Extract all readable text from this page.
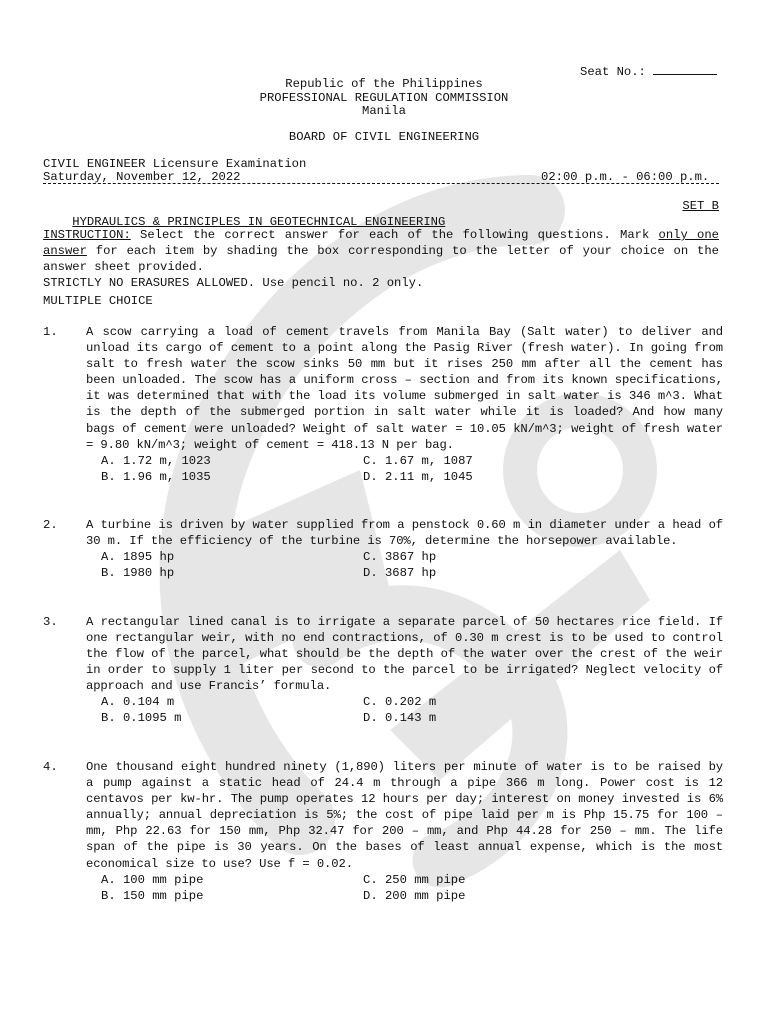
Seat No.:
Republic of the Philippines
PROFESSIONAL REGULATION COMMISSION
Manila
BOARD OF CIVIL ENGINEERING
CIVIL ENGINEER Licensure Examination
Saturday, November 12, 2022	02:00 p.m. - 06:00 p.m.

HYDRAULICS & PRINCIPLES IN GEOTECHNICAL ENGINEERING

SET B

INSTRUCTION: Select the correct answer for each of the following questions. Mark only one answer for each item by shading the box corresponding to the letter of your choice on the answer sheet provided.
STRICTLY NO ERASURES ALLOWED. Use pencil no. 2 only.
MULTIPLE CHOICE
1. A scow carrying a load of cement travels from Manila Bay (Salt water) to deliver and unload its cargo of cement to a point along the Pasig River (fresh water). In going from salt to fresh water the scow sinks 50 mm but it rises 250 mm after all the cement has been unloaded. The scow has a uniform cross – section and from its known specifications, it was determined that with the load its volume submerged in salt water is 346 m^3. What is the depth of the submerged portion in salt water while it is loaded? And how many bags of cement were unloaded? Weight of salt water = 10.05 kN/m^3; weight of fresh water = 9.80 kN/m^3; weight of cement = 418.13 N per bag.
A. 1.72 m, 1023	C. 1.67 m, 1087
B. 1.96 m, 1035	D. 2.11 m, 1045
2. A turbine is driven by water supplied from a penstock 0.60 m in diameter under a head of 30 m. If the efficiency of the turbine is 70%, determine the horsepower available.
A. 1895 hp	C. 3867 hp
B. 1980 hp	D. 3687 hp
3. A rectangular lined canal is to irrigate a separate parcel of 50 hectares rice field. If one rectangular weir, with no end contractions, of 0.30 m crest is to be used to control the flow of the parcel, what should be the depth of the water over the crest of the weir in order to supply 1 liter per second to the parcel to be irrigated? Neglect velocity of approach and use Francis’ formula.
A. 0.104 m	C. 0.202 m
B. 0.1095 m	D. 0.143 m
4. One thousand eight hundred ninety (1,890) liters per minute of water is to be raised by a pump against a static head of 24.4 m through a pipe 366 m long. Power cost is 12 centavos per kw-hr. The pump operates 12 hours per day; interest on money invested is 6% annually; annual depreciation is 5%; the cost of pipe laid per m is Php 15.75 for 100 – mm, Php 22.63 for 150 mm, Php 32.47 for 200 – mm, and Php 44.28 for 250 – mm. The life span of the pipe is 30 years. On the bases of least annual expense, which is the most economical size to use? Use f = 0.02.
A. 100 mm pipe	C. 250 mm pipe
B. 150 mm pipe	D. 200 mm pipe
